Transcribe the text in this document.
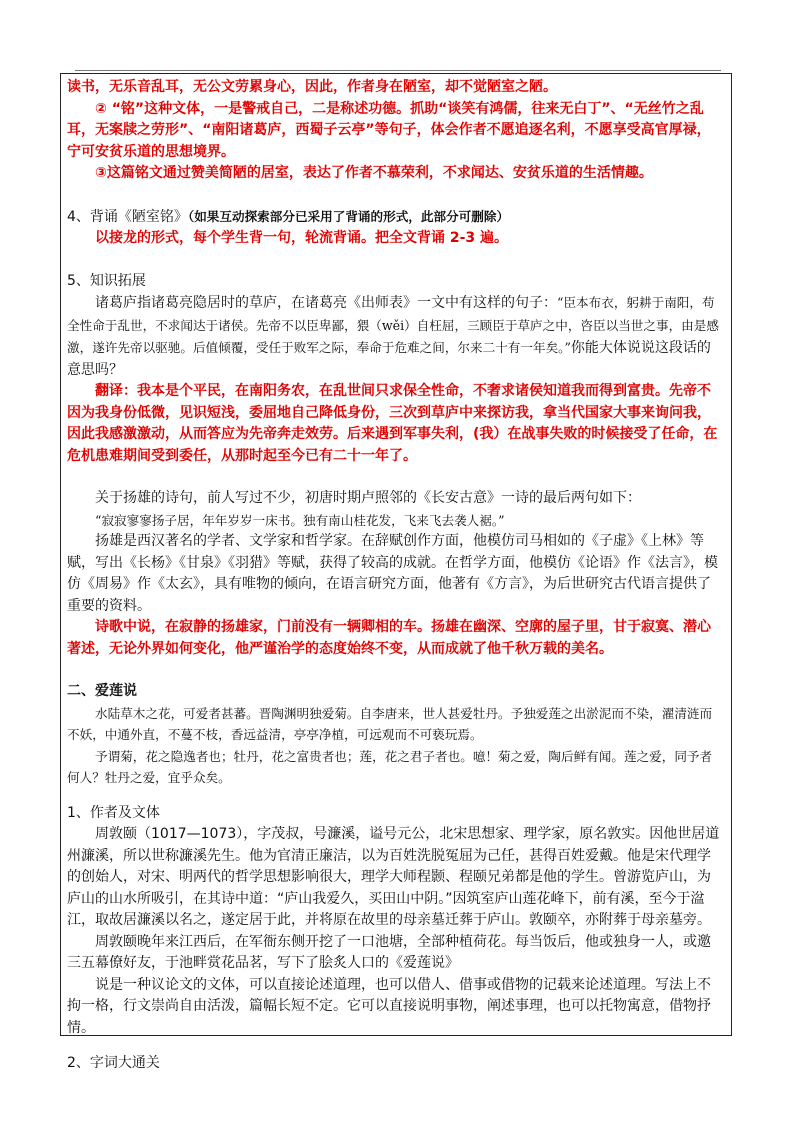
读书，无乐音乱耳，无公文劳累身心，因此，作者身在陋室，却不觉陋室之陋。

② “铭”这种文体，一是警戒自己，二是称述功德。抓助“谈笑有鸿儒，往来无白丁”、“无丝竹之乱耳，无案牍之劳形”、“南阳诸葛庐，西蜀子云亭”等句子，体会作者不愿追逐名利，不愿享受高官厚禄，宁可安贫乐道的思想境界。

③这篇铭文通过赞美简陋的居室，表达了作者不慕荣利，不求闻达、安贫乐道的生活情趣。

4、背诵《陋室铭》（如果互动探索部分已采用了背诵的形式，此部分可删除）

以接龙的形式，每个学生背一句，轮流背诵。把全文背诵 2-3 遍。

5、知识拓展

诸葛庐指诸葛亮隐居时的草庐，在诸葛亮《出师表》一文中有这样的句子：“臣本布衣，躬耕于南阳，苟全性命于乱世，不求闻达于诸侯。先帝不以臣卑鄙，猥（wěi）自枉屈，三顾臣于草庐之中，咨臣以当世之事，由是感激，遂许先帝以驱驰。后值倾覆，受任于败军之际，奉命于危难之间，尔来二十有一年矣。”你能大体说说这段话的意思吗？

翻译：我本是个平民，在南阳务农，在乱世间只求保全性命，不奢求诸侯知道我而得到富贵。先帝不因为我身份低微，见识短浅，委屈地自己降低身份，三次到草庐中来探访我，拿当代国家大事来询问我，因此我感激激动，从而答应为先帝奔走效劳。后来遇到军事失利，(我）在战事失败的时候接受了任命，在危机患难期间受到委任，从那时起至今已有二十一年了。

关于扬雄的诗句，前人写过不少，初唐时期卢照邻的《长安古意》一诗的最后两句如下：

“寂寂寥寥扬子居，年年岁岁一床书。独有南山桂花发，飞来飞去袭人裾。”

扬雄是西汉著名的学者、文学家和哲学家。在辞赋创作方面，他模仿司马相如的《子虚》《上林》等赋，写出《长杨》《甘泉》《羽猎》等赋，获得了较高的成就。在哲学方面，他模仿《论语》作《法言》，模仿《周易》作《太玄》，具有唯物的倾向，在语言研究方面，他著有《方言》，为后世研究古代语言提供了重要的资料。

诗歌中说，在寂静的扬雄家，门前没有一辆卿相的车。扬雄在幽深、空廓的屋子里，甘于寂寞、潜心著述，无论外界如何变化，他严谨治学的态度始终不变，从而成就了他千秋万载的美名。

二、爱莲说

水陆草木之花，可爱者甚蕃。晋陶渊明独爱菊。自李唐来，世人甚爱牡丹。予独爱莲之出淤泥而不染，濯清涟而不妖，中通外直，不蔓不枝，香远益清，亭亭净植，可远观而不可亵玩焉。

予谓菊，花之隐逸者也；牡丹，花之富贵者也；莲，花之君子者也。噫！菊之爱，陶后鲜有闻。莲之爱，同予者何人？牡丹之爱，宜乎众矣。

1、作者及文体

周敦颐（1017—1073），字茂叔，号濂溪，谥号元公，北宋思想家、理学家，原名敦实。因他世居道州濂溪，所以世称濂溪先生。他为官清正廉洁，以为百姓洗脱冤屈为己任，甚得百姓爱戴。他是宋代理学的创始人，对宋、明两代的哲学思想影响很大，理学大师程颢、程颐兄弟都是他的学生。曾游览庐山，为庐山的山水所吸引，在其诗中道：“庐山我爱久，买田山中阴。”因筑室庐山莲花峰下，前有溪，至今于湓江，取故居濂溪以名之，遂定居于此，并将原在故里的母亲墓迁葬于庐山。敦颐卒，亦附葬于母亲墓旁。

周敦颐晚年来江西后，在军衙东侧开挖了一口池塘，全部种植荷花。每当饭后，他或独身一人，或邀三五幕僚好友，于池畔赏花品茗，写下了脍炙人口的《爱莲说》

说是一种议论文的文体，可以直接论述道理，也可以借人、借事或借物的记载来论述道理。写法上不拘一格，行文崇尚自由活泼，篇幅长短不定。它可以直接说明事物，阐述事理，也可以托物寓意，借物抒情。

2、字词大通关
